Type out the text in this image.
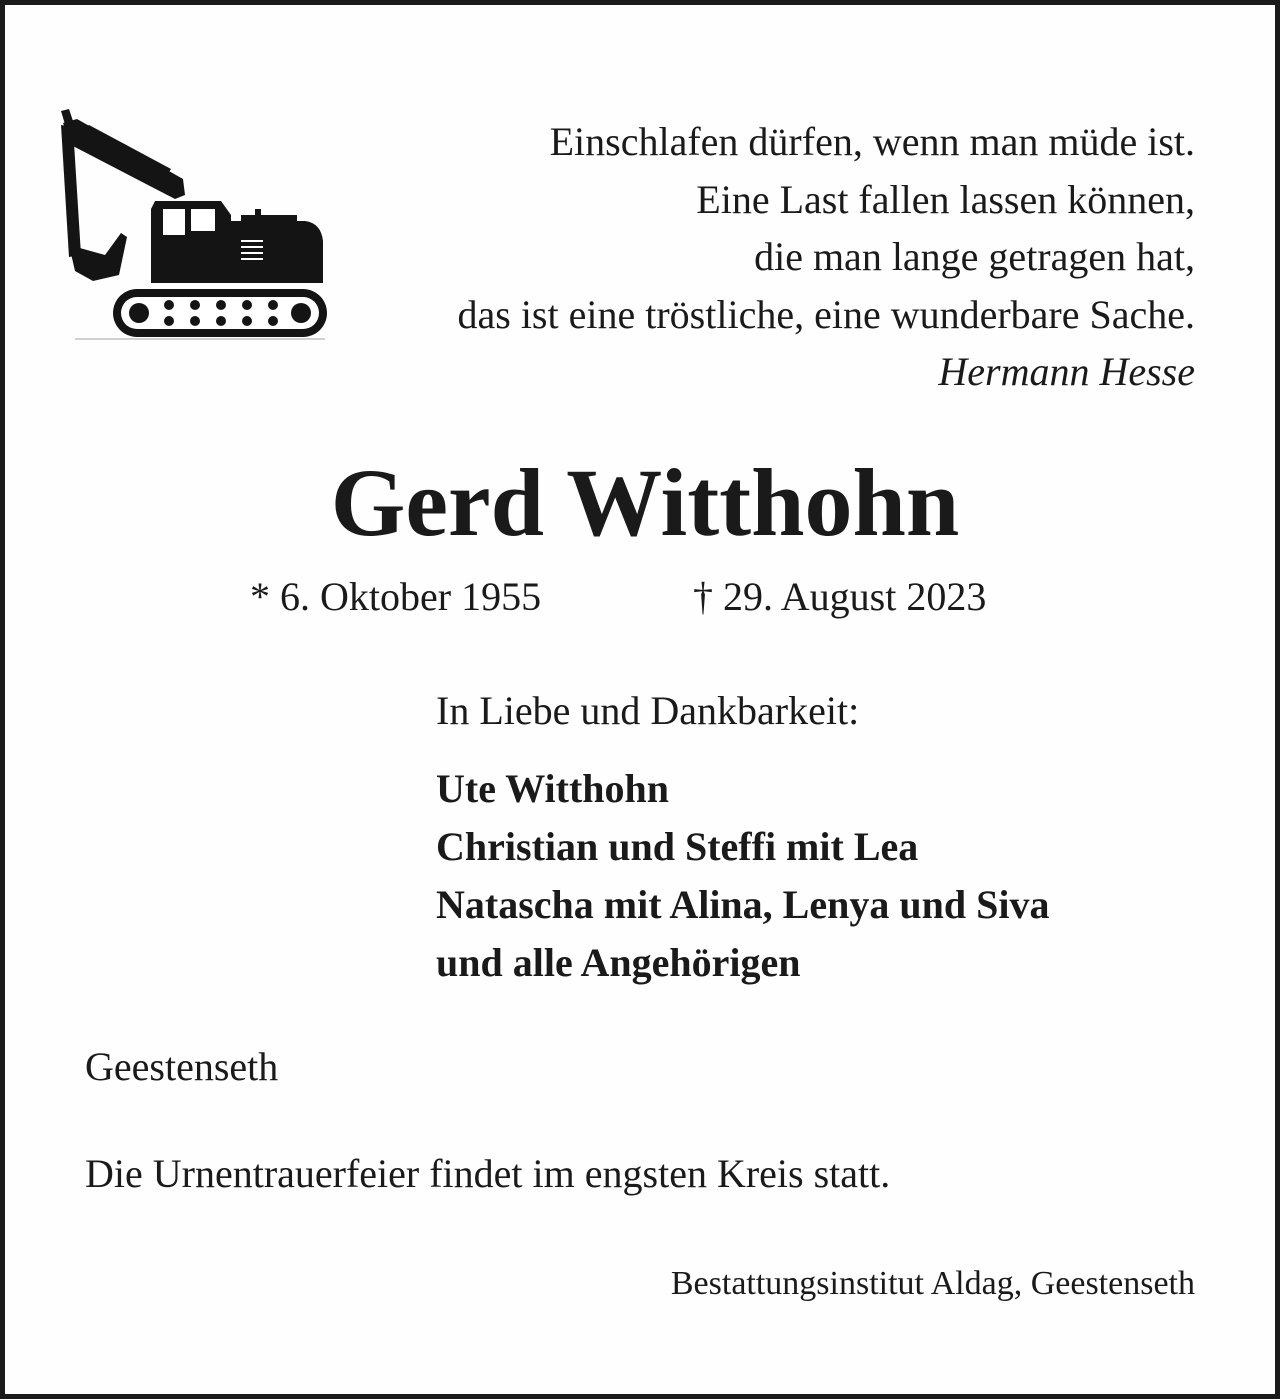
Einschlafen dürfen, wenn man müde ist.
Eine Last fallen lassen können,
die man lange getragen hat,
das ist eine tröstliche, eine wunderbare Sache.
Hermann Hesse
Gerd Witthohn
* 6. Oktober 1955	† 29. August 2023
In Liebe und Dankbarkeit:
Ute Witthohn
Christian und Steffi mit Lea
Natascha mit Alina, Lenya und Siva
und alle Angehörigen
Geestenseth
Die Urnentrauerfeier findet im engsten Kreis statt.
Bestattungsinstitut Aldag, Geestenseth
